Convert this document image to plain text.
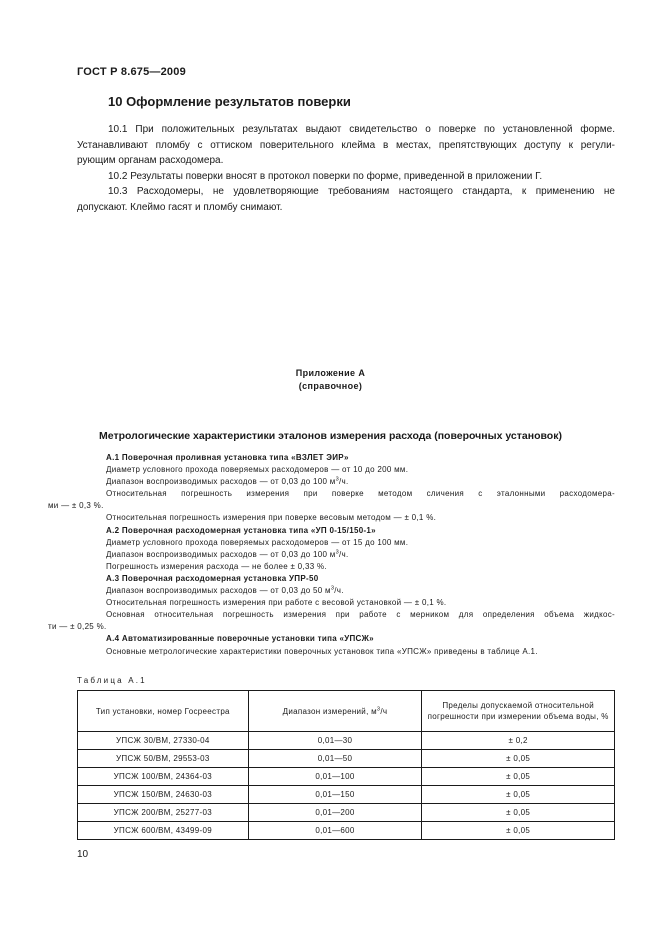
ГОСТ Р 8.675—2009
10 Оформление результатов поверки

10.1 При положительных результатах выдают свидетельство о поверке по установленной форме.

Устанавливают пломбу с оттиском поверительного клейма в местах, препятствующих доступу к регули-

рующим органам расходомера.

10.2 Результаты поверки вносят в протокол поверки по форме, приведенной в приложении Г.

10.3 Расходомеры, не удовлетворяющие требованиям настоящего стандарта, к применению не

допускают. Клеймо гасят и пломбу снимают.

Приложение А
(справочное)
Метрологические характеристики эталонов измерения расхода (поверочных установок)

А.1 Поверочная проливная установка типа «ВЗЛЕТ ЭИР»

Диаметр условного прохода поверяемых расходомеров — от 10 до 200 мм.

Диапазон воспроизводимых расходов — от 0,03 до 100 $м^3/ч$.

Относительная погрешность измерения при поверке методом сличения с эталонными расходомера-
ми — ± 0,3 %.

Относительная погрешность измерения при поверке весовым методом — ± 0,1 %.

А.2 Поверочная расходомерная установка типа «УП 0-15/150-1»

Диаметр условного прохода поверяемых расходомеров — от 15 до 100 мм.

Диапазон воспроизводимых расходов — от 0,03 до 100 $м^3/ч$.

Погрешность измерения расхода — не более ± 0,33 %.

А.3 Поверочная расходомерная установка УПР-50

Диапазон воспроизводимых расходов — от 0,03 до 50 $м^3/ч$.

Относительная погрешность измерения при работе с весовой установкой — ± 0,1 %.

Основная относительная погрешность измерения при работе с мерником для определения объема жидкос-
ти — ± 0,25 %.

А.4 Автоматизированные поверочные установки типа «УПСЖ»

Основные метрологические характеристики поверочных установок типа «УПСЖ» приведены в таблице А.1.

Таблица А.1
Тип установки, номер Госреестра	Диапазон измерений, $м^3/ч$	Пределы допускаемой относительной
погрешности при измерении объема воды, %
УПСЖ 30/ВМ, 27330-04	0,01—30	± 0,2
УПСЖ 50/ВМ, 29553-03	0,01—50	± 0,05
УПСЖ 100/ВМ, 24364-03	0,01—100	± 0,05
УПСЖ 150/ВМ, 24630-03	0,01—150	± 0,05
УПСЖ 200/ВМ, 25277-03	0,01—200	± 0,05
УПСЖ 600/ВМ, 43499-09	0,01—600	± 0,05
10
